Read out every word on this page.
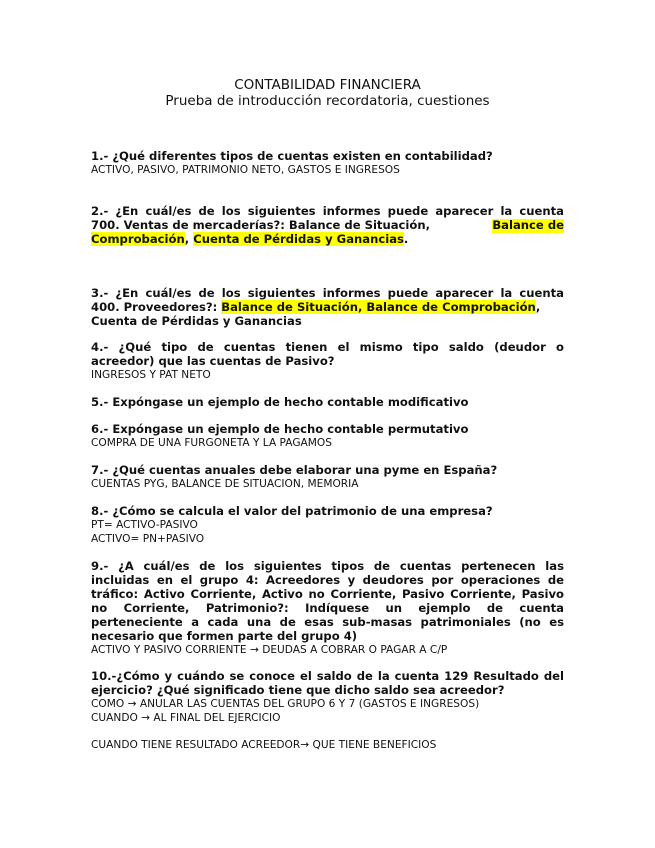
CONTABILIDAD FINANCIERA
Prueba de introducción recordatoria, cuestiones
1.- ¿Qué diferentes tipos de cuentas existen en contabilidad?
ACTIVO, PASIVO, PATRIMONIO NETO, GASTOS E INGRESOS
2.- ¿En cuál/es de los siguientes informes puede aparecer la cuenta
700. Ventas de mercaderías?: Balance de Situación,	Balance de
Comprobación, Cuenta de Pérdidas y Ganancias.
3.- ¿En cuál/es de los siguientes informes puede aparecer la cuenta
400. Proveedores?: Balance de Situación, Balance de Comprobación,
Cuenta de Pérdidas y Ganancias
4.- ¿Qué tipo de cuentas tienen el mismo tipo saldo (deudor o
acreedor) que las cuentas de Pasivo?
INGRESOS Y PAT NETO
5.- Expóngase un ejemplo de hecho contable modificativo
6.- Expóngase un ejemplo de hecho contable permutativo
COMPRA DE UNA FURGONETA Y LA PAGAMOS
7.- ¿Qué cuentas anuales debe elaborar una pyme en España?
CUENTAS PYG, BALANCE DE SITUACION, MEMORIA
8.- ¿Cómo se calcula el valor del patrimonio de una empresa?
PT= ACTIVO-PASIVO
ACTIVO= PN+PASIVO
9.- ¿A cuál/es de los siguientes tipos de cuentas pertenecen las
incluidas en el grupo 4: Acreedores y deudores por operaciones de
tráfico: Activo Corriente, Activo no Corriente, Pasivo Corriente, Pasivo
no Corriente, Patrimonio?: Indíquese un ejemplo de cuenta
perteneciente a cada una de esas sub-masas patrimoniales (no es
necesario que formen parte del grupo 4)
ACTIVO Y PASIVO CORRIENTE → DEUDAS A COBRAR O PAGAR A C/P
10.-¿Cómo y cuándo se conoce el saldo de la cuenta 129 Resultado del
ejercicio? ¿Qué significado tiene que dicho saldo sea acreedor?
COMO → ANULAR LAS CUENTAS DEL GRUPO 6 Y 7 (GASTOS E INGRESOS)
CUANDO → AL FINAL DEL EJERCICIO
CUANDO TIENE RESULTADO ACREEDOR→ QUE TIENE BENEFICIOS
